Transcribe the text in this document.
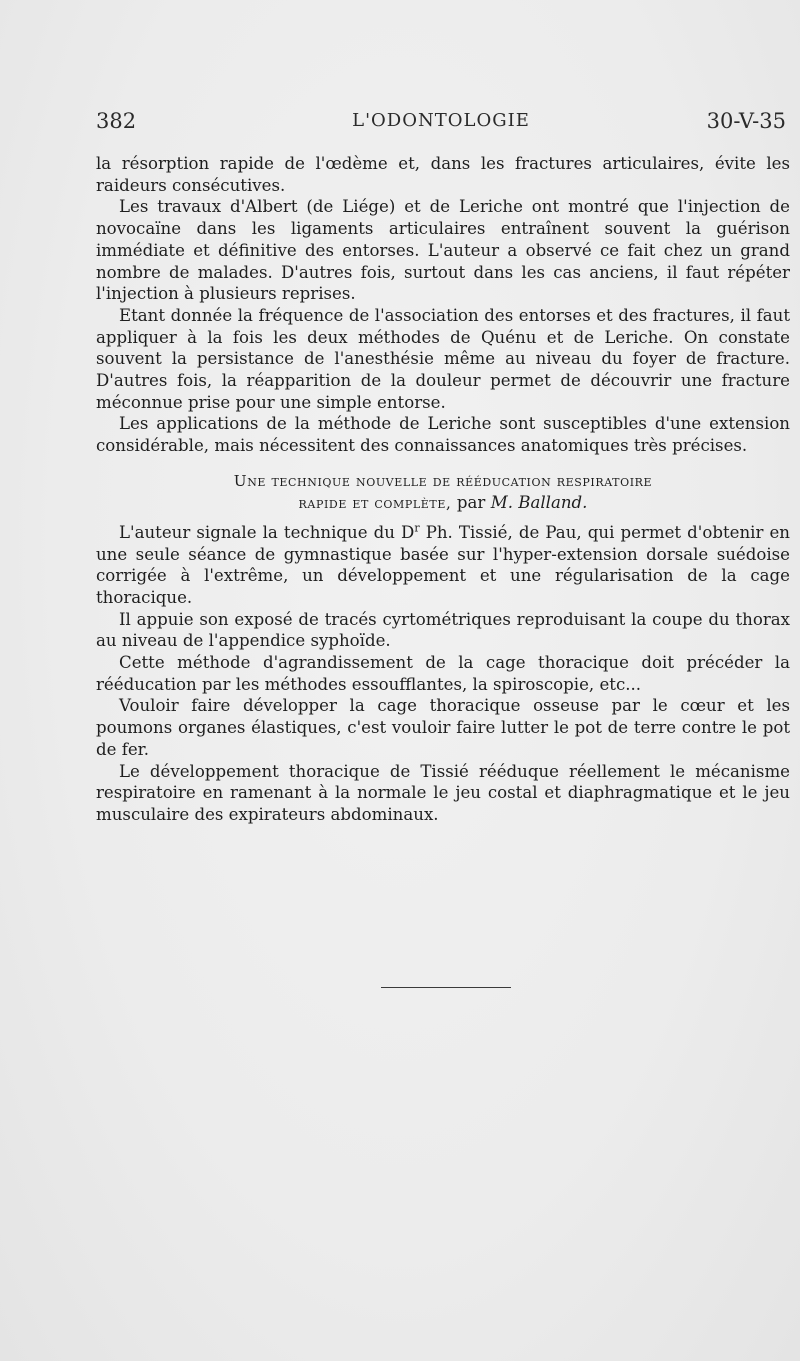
382	L'ODONTOLOGIE	30-V-35

la résorption rapide de l'œdème et, dans les fractures articulaires, évite les raideurs consécutives.

Les travaux d'Albert (de Liége) et de Leriche ont montré que l'injection de novocaïne dans les ligaments articulaires entraînent souvent la guérison immédiate et définitive des entorses. L'auteur a observé ce fait chez un grand nombre de malades. D'autres fois, surtout dans les cas anciens, il faut répéter l'injection à plusieurs reprises.

Etant donnée la fréquence de l'association des entorses et des fractures, il faut appliquer à la fois les deux méthodes de Quénu et de Leriche. On constate souvent la persistance de l'anesthésie même au niveau du foyer de fracture. D'autres fois, la réapparition de la douleur permet de découvrir une fracture méconnue prise pour une simple entorse.

Les applications de la méthode de Leriche sont susceptibles d'une extension considérable, mais nécessitent des connaissances anatomiques très précises.

Une technique nouvelle de rééducation respiratoire
rapide et complète, par M. Balland.

L'auteur signale la technique du $D^r$ Ph. Tissié, de Pau, qui permet d'obtenir en une seule séance de gymnastique basée sur l'hyper-extension dorsale suédoise corrigée à l'extrême, un développement et une régularisation de la cage thoracique.

Il appuie son exposé de tracés cyrtométriques reproduisant la coupe du thorax au niveau de l'appendice syphoïde.

Cette méthode d'agrandissement de la cage thoracique doit précéder la rééducation par les méthodes essoufflantes, la spiroscopie, etc...

Vouloir faire développer la cage thoracique osseuse par le cœur et les poumons organes élastiques, c'est vouloir faire lutter le pot de terre contre le pot de fer.

Le développement thoracique de Tissié rééduque réellement le mécanisme respiratoire en ramenant à la normale le jeu costal et diaphragmatique et le jeu musculaire des expirateurs abdominaux.
